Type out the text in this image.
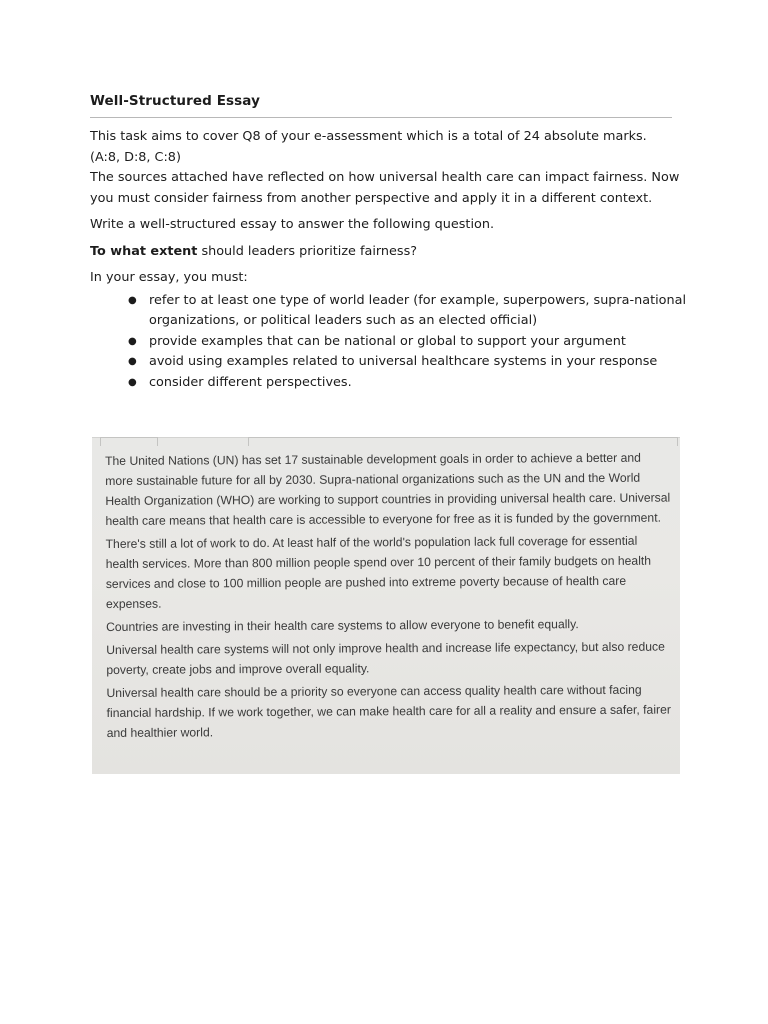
Well-Structured Essay

This task aims to cover Q8 of your e-assessment which is a total of 24 absolute marks.

(A:8, D:8, C:8)

The sources attached have reflected on how universal health care can impact fairness. Now you must consider fairness from another perspective and apply it in a different context.

Write a well-structured essay to answer the following question.

To what extent should leaders prioritize fairness?

In your essay, you must:

● refer to at least one type of world leader (for example, superpowers, supra-national organizations, or political leaders such as an elected official)
● provide examples that can be national or global to support your argument
● avoid using examples related to universal healthcare systems in your response
● consider different perspectives.

The United Nations (UN) has set 17 sustainable development goals in order to achieve a better and more sustainable future for all by 2030. Supra-national organizations such as the UN and the World Health Organization (WHO) are working to support countries in providing universal health care. Universal health care means that health care is accessible to everyone for free as it is funded by the government.

There's still a lot of work to do. At least half of the world's population lack full coverage for essential health services. More than 800 million people spend over 10 percent of their family budgets on health services and close to 100 million people are pushed into extreme poverty because of health care expenses.

Countries are investing in their health care systems to allow everyone to benefit equally.

Universal health care systems will not only improve health and increase life expectancy, but also reduce poverty, create jobs and improve overall equality.

Universal health care should be a priority so everyone can access quality health care without facing financial hardship. If we work together, we can make health care for all a reality and ensure a safer, fairer and healthier world.
